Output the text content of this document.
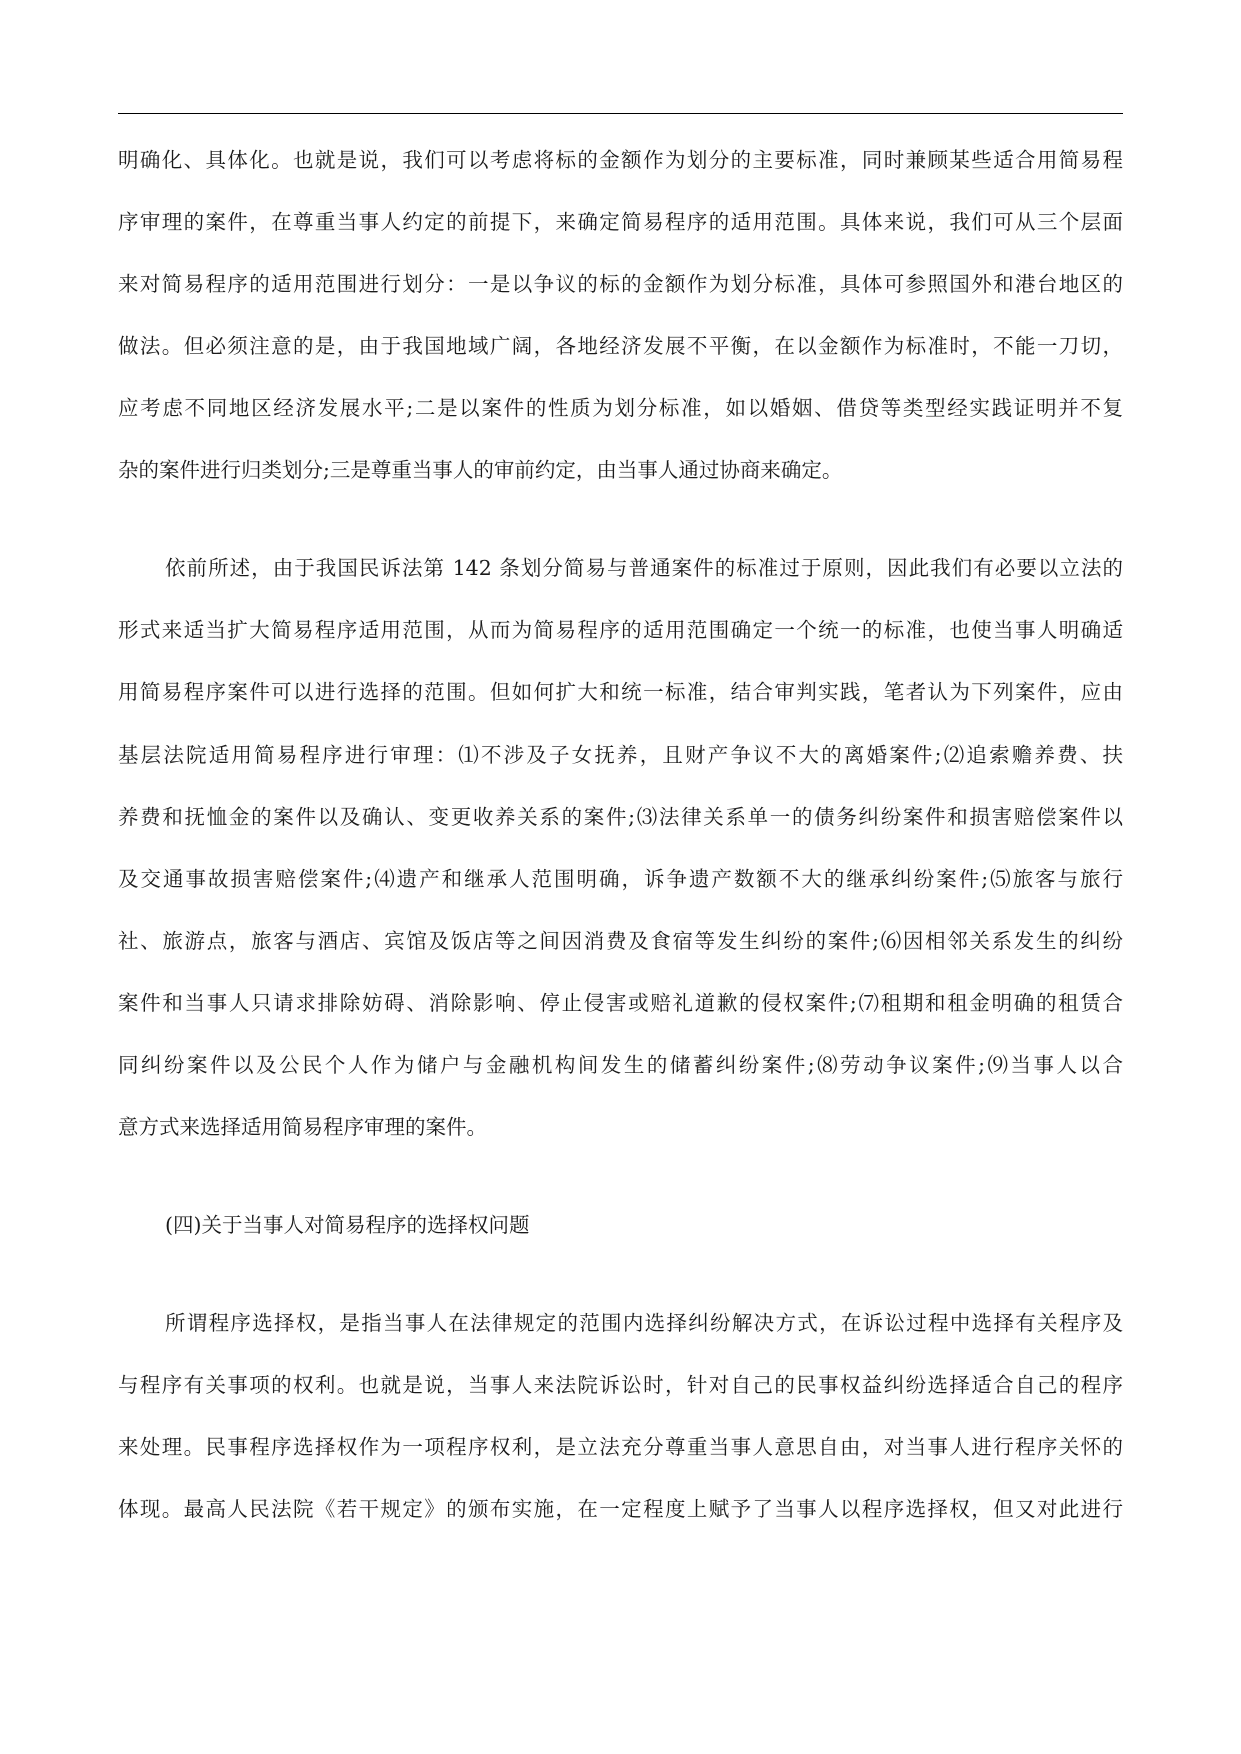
明确化、具体化。也就是说，我们可以考虑将标的金额作为划分的主要标准，同时兼顾某些适合用简易程
序审理的案件，在尊重当事人约定的前提下，来确定简易程序的适用范围。具体来说，我们可从三个层面
来对简易程序的适用范围进行划分：一是以争议的标的金额作为划分标准，具体可参照国外和港台地区的
做法。但必须注意的是，由于我国地域广阔，各地经济发展不平衡，在以金额作为标准时，不能一刀切，
应考虑不同地区经济发展水平;二是以案件的性质为划分标准，如以婚姻、借贷等类型经实践证明并不复
杂的案件进行归类划分;三是尊重当事人的审前约定，由当事人通过协商来确定。
依前所述，由于我国民诉法第 142 条划分简易与普通案件的标准过于原则，因此我们有必要以立法的
形式来适当扩大简易程序适用范围，从而为简易程序的适用范围确定一个统一的标准，也使当事人明确适
用简易程序案件可以进行选择的范围。但如何扩大和统一标准，结合审判实践，笔者认为下列案件，应由
基层法院适用简易程序进行审理：⑴不涉及子女抚养，且财产争议不大的离婚案件;⑵追索赡养费、扶
养费和抚恤金的案件以及确认、变更收养关系的案件;⑶法律关系单一的债务纠纷案件和损害赔偿案件以
及交通事故损害赔偿案件;⑷遗产和继承人范围明确，诉争遗产数额不大的继承纠纷案件;⑸旅客与旅行
社、旅游点，旅客与酒店、宾馆及饭店等之间因消费及食宿等发生纠纷的案件;⑹因相邻关系发生的纠纷
案件和当事人只请求排除妨碍、消除影响、停止侵害或赔礼道歉的侵权案件;⑺租期和租金明确的租赁合
同纠纷案件以及公民个人作为储户与金融机构间发生的储蓄纠纷案件;⑻劳动争议案件;⑼当事人以合
意方式来选择适用简易程序审理的案件。
(四)关于当事人对简易程序的选择权问题
所谓程序选择权，是指当事人在法律规定的范围内选择纠纷解决方式，在诉讼过程中选择有关程序及
与程序有关事项的权利。也就是说，当事人来法院诉讼时，针对自己的民事权益纠纷选择适合自己的程序
来处理。民事程序选择权作为一项程序权利，是立法充分尊重当事人意思自由，对当事人进行程序关怀的
体现。最高人民法院《若干规定》的颁布实施，在一定程度上赋予了当事人以程序选择权，但又对此进行
